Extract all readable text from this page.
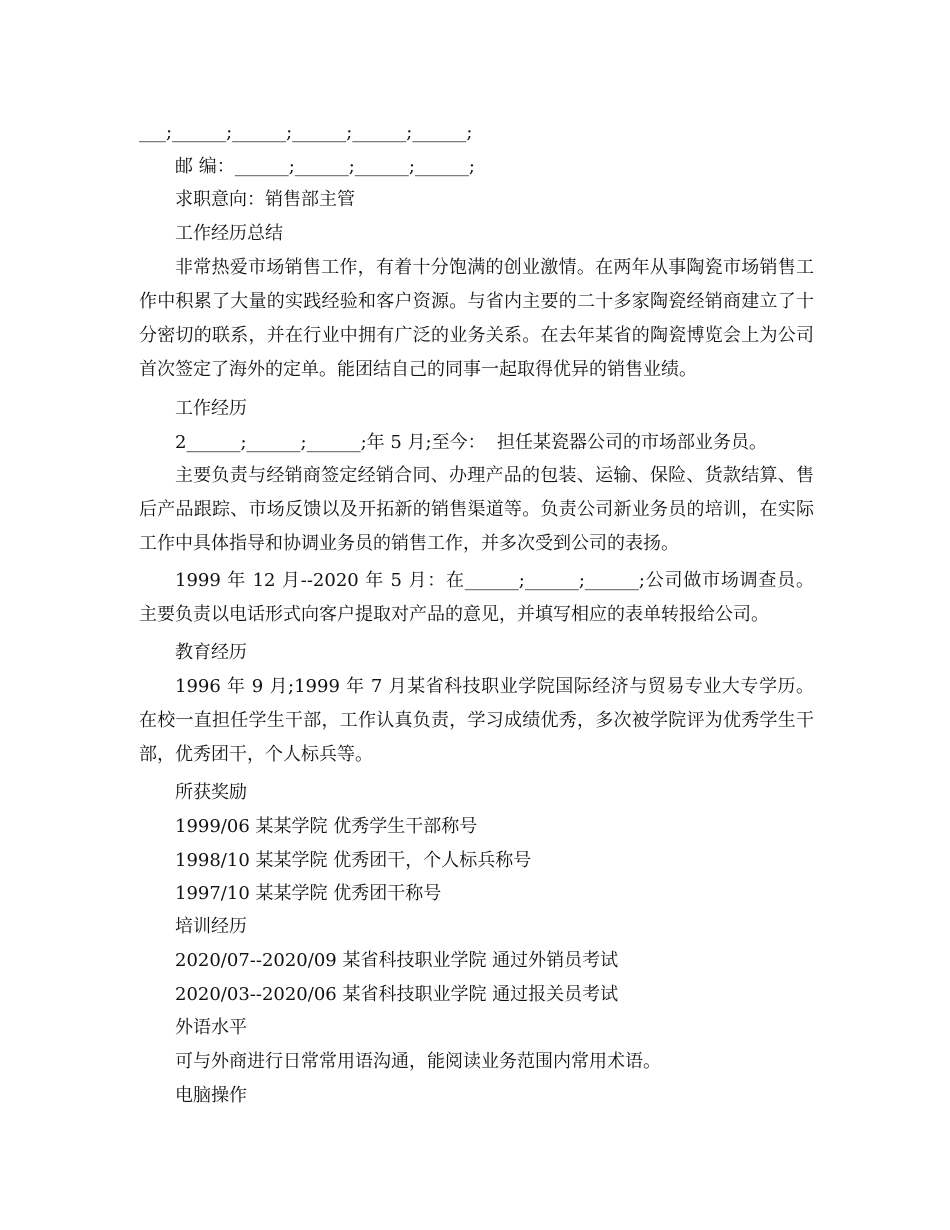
___;______;______;______;______;______;
邮 编：______;______;______;______;
求职意向：销售部主管
工作经历总结
非常热爱市场销售工作，有着十分饱满的创业激情。在两年从事陶瓷市场销售工作中积累了大量的实践经验和客户资源。与省内主要的二十多家陶瓷经销商建立了十分密切的联系，并在行业中拥有广泛的业务关系。在去年某省的陶瓷博览会上为公司首次签定了海外的定单。能团结自己的同事一起取得优异的销售业绩。
工作经历
2______;______;______;年 5 月;至今：  担任某瓷器公司的市场部业务员。
主要负责与经销商签定经销合同、办理产品的包装、运输、保险、货款结算、售后产品跟踪、市场反馈以及开拓新的销售渠道等。负责公司新业务员的培训，在实际工作中具体指导和协调业务员的销售工作，并多次受到公司的表扬。
1999 年 12 月--2020 年 5 月：在______;______;______;公司做市场调查员。主要负责以电话形式向客户提取对产品的意见，并填写相应的表单转报给公司。
教育经历
1996 年 9 月;1999 年 7 月某省科技职业学院国际经济与贸易专业大专学历。在校一直担任学生干部，工作认真负责，学习成绩优秀，多次被学院评为优秀学生干部，优秀团干，个人标兵等。
所获奖励
1999/06 某某学院 优秀学生干部称号
1998/10 某某学院 优秀团干，个人标兵称号
1997/10 某某学院 优秀团干称号
培训经历
2020/07--2020/09 某省科技职业学院 通过外销员考试
2020/03--2020/06 某省科技职业学院 通过报关员考试
外语水平
可与外商进行日常常用语沟通，能阅读业务范围内常用术语。
电脑操作
